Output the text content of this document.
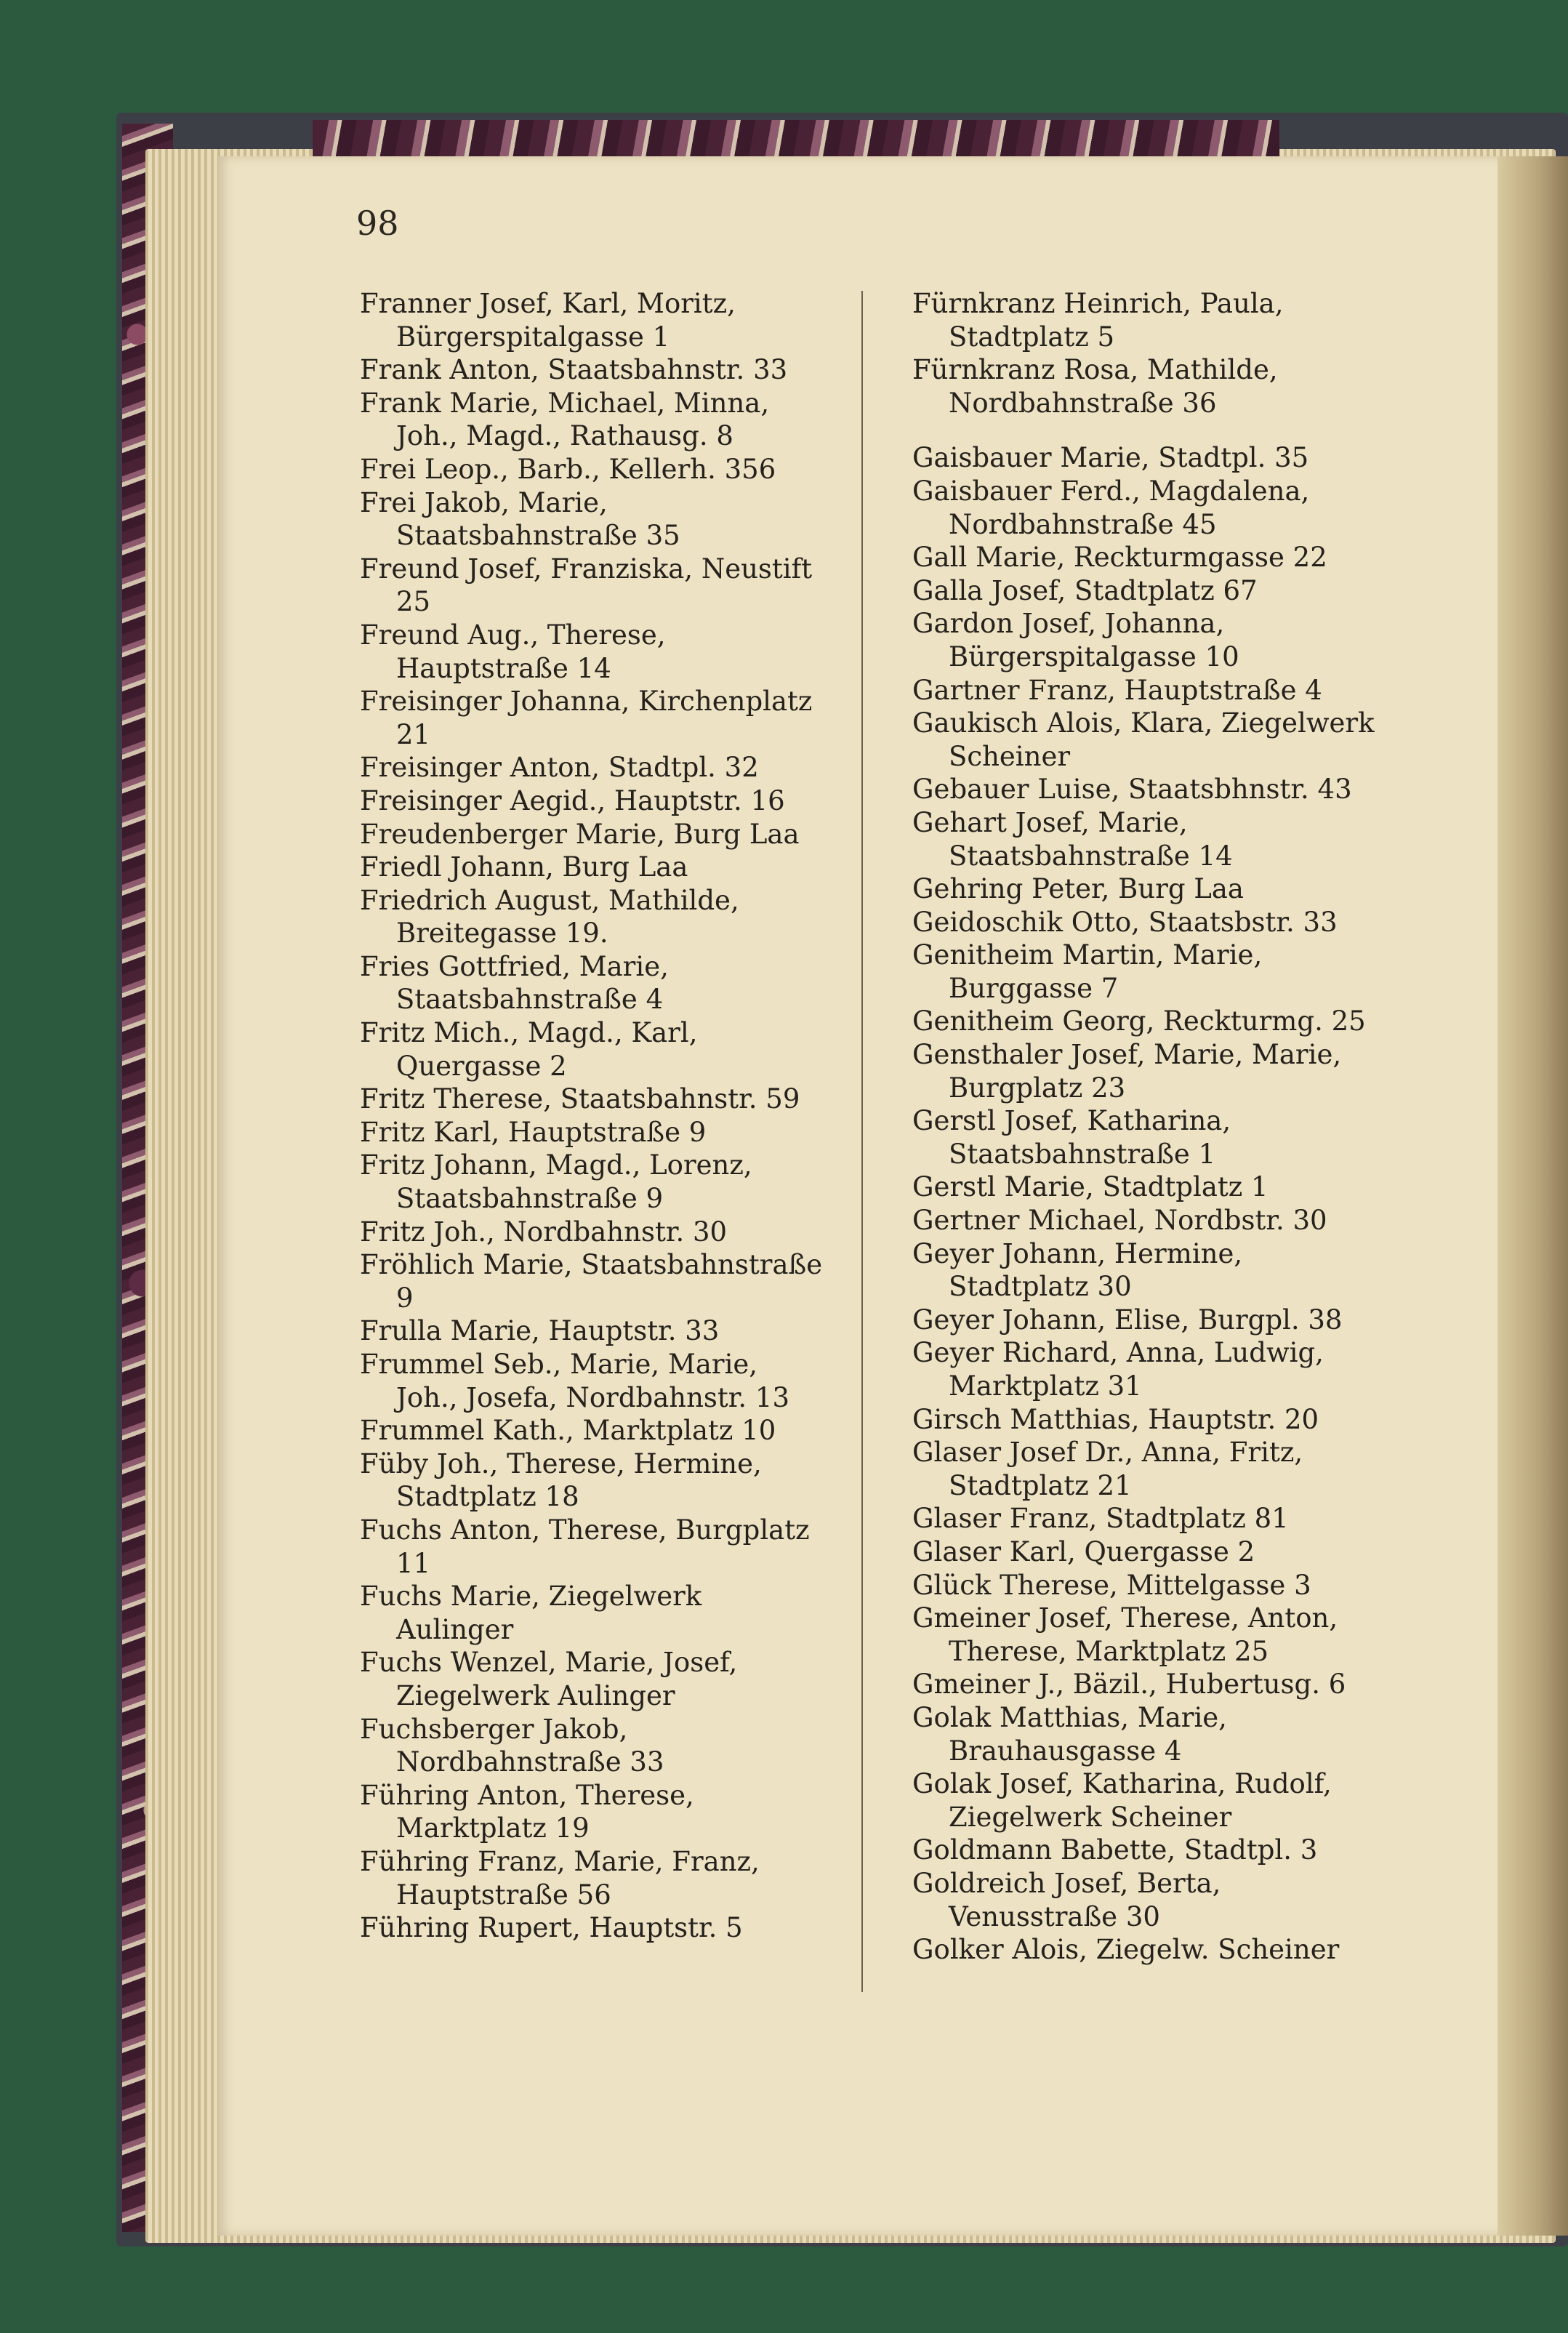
98

Franner Josef, Karl, Moritz, Bürgerspitalgasse 1

Frank Anton, Staatsbahnstr. 33

Frank Marie, Michael, Minna, Joh., Magd., Rathausg. 8

Frei Leop., Barb., Kellerh. 356

Frei Jakob, Marie, Staatsbahnstraße 35

Freund Josef, Franziska, Neustift 25

Freund Aug., Therese, Hauptstraße 14

Freisinger Johanna, Kirchenplatz 21

Freisinger Anton, Stadtpl. 32

Freisinger Aegid., Hauptstr. 16

Freudenberger Marie, Burg Laa

Friedl Johann, Burg Laa

Friedrich August, Mathilde, Breitegasse 19.

Fries Gottfried, Marie, Staatsbahnstraße 4

Fritz Mich., Magd., Karl, Quergasse 2

Fritz Therese, Staatsbahnstr. 59

Fritz Karl, Hauptstraße 9

Fritz Johann, Magd., Lorenz, Staatsbahnstraße 9

Fritz Joh., Nordbahnstr. 30

Fröhlich Marie, Staatsbahnstraße 9

Frulla Marie, Hauptstr. 33

Frummel Seb., Marie, Marie, Joh., Josefa, Nordbahnstr. 13

Frummel Kath., Marktplatz 10

Füby Joh., Therese, Hermine, Stadtplatz 18

Fuchs Anton, Therese, Burgplatz 11

Fuchs Marie, Ziegelwerk Aulinger

Fuchs Wenzel, Marie, Josef, Ziegelwerk Aulinger

Fuchsberger Jakob, Nordbahnstraße 33

Führing Anton, Therese, Marktplatz 19

Führing Franz, Marie, Franz, Hauptstraße 56

Führing Rupert, Hauptstr. 5

Fürnkranz Heinrich, Paula, Stadtplatz 5

Fürnkranz Rosa, Mathilde, Nordbahnstraße 36

Gaisbauer Marie, Stadtpl. 35

Gaisbauer Ferd., Magdalena, Nordbahnstraße 45

Gall Marie, Reckturmgasse 22

Galla Josef, Stadtplatz 67

Gardon Josef, Johanna, Bürgerspitalgasse 10

Gartner Franz, Hauptstraße 4

Gaukisch Alois, Klara, Ziegelwerk Scheiner

Gebauer Luise, Staatsbhnstr. 43

Gehart Josef, Marie, Staatsbahnstraße 14

Gehring Peter, Burg Laa

Geidoschik Otto, Staatsbstr. 33

Genitheim Martin, Marie, Burggasse 7

Genitheim Georg, Reckturmg. 25

Gensthaler Josef, Marie, Marie, Burgplatz 23

Gerstl Josef, Katharina, Staatsbahnstraße 1

Gerstl Marie, Stadtplatz 1

Gertner Michael, Nordbstr. 30

Geyer Johann, Hermine, Stadtplatz 30

Geyer Johann, Elise, Burgpl. 38

Geyer Richard, Anna, Ludwig, Marktplatz 31

Girsch Matthias, Hauptstr. 20

Glaser Josef Dr., Anna, Fritz, Stadtplatz 21

Glaser Franz, Stadtplatz 81

Glaser Karl, Quergasse 2

Glück Therese, Mittelgasse 3

Gmeiner Josef, Therese, Anton, Therese, Marktplatz 25

Gmeiner J., Bäzil., Hubertusg. 6

Golak Matthias, Marie, Brauhausgasse 4

Golak Josef, Katharina, Rudolf, Ziegelwerk Scheiner

Goldmann Babette, Stadtpl. 3

Goldreich Josef, Berta, Venusstraße 30

Golker Alois, Ziegelw. Scheiner
